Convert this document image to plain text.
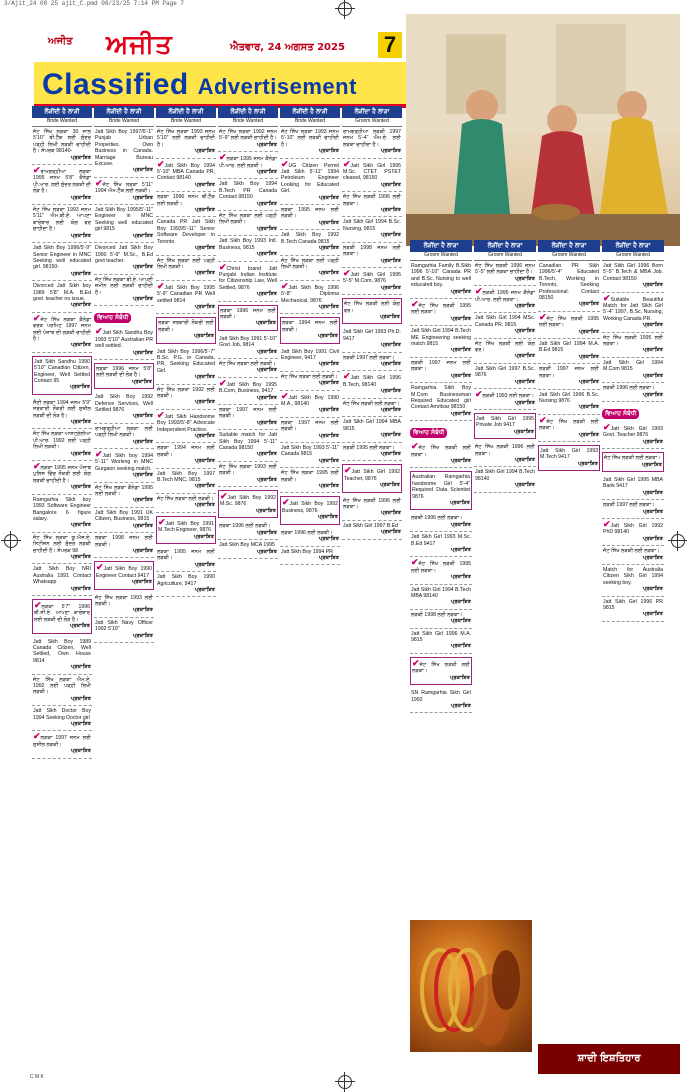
3/Ajit_24 08 25 ajit_C.pmd 08/23/25 7:14 PM Page 7
ਅਜੀਤ ਅਜੀਤ	ਐਤਵਾਰ, 24 ਅਗਸਤ 2025 7
Classified Advertisement
ਲੋੜੀਂਦੀ ਹੈ ਲਾੜੀ
Bride Wanted
ਜੱਟ ਸਿੱਖ ਲੜਕਾ 30 ਸਾਲ 5'10" ਬੀ.ਟੈੱਕ ਲਈ ਸੁੰਦਰ ਪੜ੍ਹੀ ਲਿਖੀ ਲੜਕੀ ਚਾਹੀਦੀ ਹੈ। ਸੰਪਰਕ 98140-
ਪ੍ਰਕਾਸ਼ਿਤ
✔ਰਾਮਗੜ੍ਹੀਆ ਲੜਕਾ 1995 ਜਨਮ 5'8" ਕੈਨੇਡਾ ਪੀ.ਆਰ. ਲਈ ਸੁੰਦਰ ਲੜਕੀ ਦੀ ਲੋੜ ਹੈ।
ਪ੍ਰਕਾਸ਼ਿਤ
ਜੱਟ ਸਿੱਖ ਲੜਕਾ 1993 ਜਨਮ 5'11" ਐਮ.ਬੀ.ਏ. ਆਪਣਾ ਕਾਰੋਬਾਰ ਲਈ ਯੋਗ ਵਰ ਚਾਹੀਦਾ ਹੈ।
ਪ੍ਰਕਾਸ਼ਿਤ
Jatt Sikh Boy 1996/5'-9" Senior Engineer in MNC Seeking well educated girl. 98150-
ਪ੍ਰਕਾਸ਼ਿਤ
Divorced Jatt Sikh boy 1989 5'8" M.A. B.Ed govt. teacher no issue.
ਪ੍ਰਕਾਸ਼ਿਤ
✔ਜੱਟ ਸਿੱਖ ਲੜਕਾ ਕੈਨੇਡਾ ਵਰਕ ਪਰਮਿਟ 1997 ਜਨਮ ਲਈ ਪੰਜਾਬ ਦੀ ਲੜਕੀ ਚਾਹੀਦੀ ਹੈ।
ਪ੍ਰਕਾਸ਼ਿਤ
Jatt Sikh Sandhu 1990 5'10" Canadian Citizen, Engineer, Well Settled Contact 95
ਪ੍ਰਕਾਸ਼ਿਤ
ਸੈਣੀ ਲੜਕਾ 1994 ਜਨਮ 5'9" ਸਰਕਾਰੀ ਨੌਕਰੀ ਲਈ ਸੁਸ਼ੀਲ ਲੜਕੀ ਦੀ ਲੋੜ ਹੈ।
ਪ੍ਰਕਾਸ਼ਿਤ
ਜੱਟ ਸਿੱਖ ਲੜਕਾ ਆਸਟ੍ਰੇਲੀਆ ਪੀ.ਆਰ. 1992 ਲਈ ਪੜ੍ਹੀ ਲਿਖੀ ਲੜਕੀ।
ਪ੍ਰਕਾਸ਼ਿਤ
✔ਲੜਕਾ 1995 ਜਨਮ ਪੰਜਾਬ ਪੁਲਿਸ ਵਿੱਚ ਨੌਕਰੀ ਲਈ ਯੋਗ ਲੜਕੀ ਚਾਹੀਦੀ ਹੈ।
ਪ੍ਰਕਾਸ਼ਿਤ
Ramgarhia Sikh boy 1993 Software Engineer Bangalore 6 figure salary.
ਪ੍ਰਕਾਸ਼ਿਤ
ਜੱਟ ਸਿੱਖ ਲੜਕਾ ਯੂ.ਐਸ.ਏ. ਸਿਟੀਜ਼ਨ ਲਈ ਸੁੰਦਰ ਲੜਕੀ ਚਾਹੀਦੀ ਹੈ। ਸੰਪਰਕ 98
ਪ੍ਰਕਾਸ਼ਿਤ
Jatt Sikh Boy NRI Australia 1991 Contact Whatsapp
ਪ੍ਰਕਾਸ਼ਿਤ
✔ਲੜਕਾ 5'7" 1996 ਬੀ.ਸੀ.ਏ. ਆਪਣਾ ਕਾਰੋਬਾਰ ਲਈ ਲੜਕੀ ਦੀ ਲੋੜ ਹੈ।
ਪ੍ਰਕਾਸ਼ਿਤ
Jatt Sikh Boy 1989 Canada Citizen, Well Settled, Own House 9814
ਪ੍ਰਕਾਸ਼ਿਤ
ਜੱਟ ਸਿੱਖ ਲੜਕਾ ਐਮ.ਏ. 1992 ਲਈ ਪੜ੍ਹੀ ਲਿਖੀ ਲੜਕੀ।
ਪ੍ਰਕਾਸ਼ਿਤ
Jatt Sikh Doctor Boy 1994 Seeking Doctor girl
ਪ੍ਰਕਾਸ਼ਿਤ
✔ਲੜਕਾ 1997 ਜਨਮ ਲਈ ਸੁਸ਼ੀਲ ਲੜਕੀ।
ਪ੍ਰਕਾਸ਼ਿਤ
ਲੋੜੀਂਦੀ ਹੈ ਲਾੜੀ
Bride Wanted
Jatt Sikh Boy 1997/6'-1" Punjab Urban Properties. Own Business in Canada. Marriage Bureau Excuse.
ਪ੍ਰਕਾਸ਼ਿਤ
✔ਜੱਟ ਸਿੱਖ ਲੜਕਾ 5'11" 1994 ਐਮ.ਟੈੱਕ ਲਈ ਲੜਕੀ।
ਪ੍ਰਕਾਸ਼ਿਤ
Jatt Sikh Boy 1995/5'-11" Engineer in MNC Seeking well educated girl 9815
ਪ੍ਰਕਾਸ਼ਿਤ
Divorced Jatt Sikh Boy 1990 5'-9" M.Sc., B.Ed govt teacher.
ਪ੍ਰਕਾਸ਼ਿਤ
ਜੱਟ ਸਿੱਖ ਲੜਕਾ ਬੀ.ਏ. ਆਪਣੀ ਜ਼ਮੀਨ ਲਈ ਲੜਕੀ ਚਾਹੀਦੀ ਹੈ।
ਪ੍ਰਕਾਸ਼ਿਤ
ਵਿਆਹ ਸੰਬੰਧੀ
✔Jatt Sikh Sandhu Boy 1993 5'10" Australian PR well settled.
ਪ੍ਰਕਾਸ਼ਿਤ
ਲੜਕਾ 1996 ਜਨਮ 5'8" ਲਈ ਲੜਕੀ ਦੀ ਲੋੜ ਹੈ।
ਪ੍ਰਕਾਸ਼ਿਤ
Jatt Sikh Boy 1992 Defence Services, Well Settled 9876
ਪ੍ਰਕਾਸ਼ਿਤ
ਰਾਮਗੜ੍ਹੀਆ ਲੜਕਾ ਲਈ ਪੜ੍ਹੀ ਲਿਖੀ ਲੜਕੀ।
ਪ੍ਰਕਾਸ਼ਿਤ
✔Jatt Sikh boy 1994 5'-11" Working in MNC Gurgaon seeking match.
ਪ੍ਰਕਾਸ਼ਿਤ
ਜੱਟ ਸਿੱਖ ਲੜਕਾ ਕੈਨੇਡਾ 1995 ਲਈ ਲੜਕੀ।
ਪ੍ਰਕਾਸ਼ਿਤ
Jatt Sikh Boy 1991 UK Citizen, Business, 9815
ਪ੍ਰਕਾਸ਼ਿਤ
ਲੜਕਾ 1998 ਜਨਮ ਲਈ ਲੜਕੀ।
ਪ੍ਰਕਾਸ਼ਿਤ
✔Jatt Sikh Boy 1990 Engineer Contact 9417
ਪ੍ਰਕਾਸ਼ਿਤ
ਜੱਟ ਸਿੱਖ ਲੜਕਾ 1993 ਲਈ ਲੜਕੀ।
ਪ੍ਰਕਾਸ਼ਿਤ
Jatt Sikh Navy Officer 1992 5'10"
ਪ੍ਰਕਾਸ਼ਿਤ
ਲੋੜੀਂਦੀ ਹੈ ਲਾੜੀ
Bride Wanted
ਜੱਟ ਸਿੱਖ ਲੜਕਾ 1993 ਜਨਮ 5'10" ਲਈ ਲੜਕੀ ਚਾਹੀਦੀ ਹੈ।
ਪ੍ਰਕਾਸ਼ਿਤ
✔Jatt Sikh Boy 1994 5'-10" MBA Canada PR, Contact 98140
ਪ੍ਰਕਾਸ਼ਿਤ
ਲੜਕਾ 1996 ਜਨਮ ਬੀ.ਟੈੱਕ ਲਈ ਲੜਕੀ।
ਪ੍ਰਕਾਸ਼ਿਤ
Canada PR Jatt Sikh Boy 1993/5'-11" Senior Software Developer in Toronto.
ਪ੍ਰਕਾਸ਼ਿਤ
ਜੱਟ ਸਿੱਖ ਲੜਕਾ ਲਈ ਪੜ੍ਹੀ ਲਿਖੀ ਲੜਕੀ।
ਪ੍ਰਕਾਸ਼ਿਤ
✔Jatt Sikh Boy 1995 5'-9" Canadian PR Well settled 9814
ਪ੍ਰਕਾਸ਼ਿਤ
ਲੜਕਾ ਸਰਕਾਰੀ ਨੌਕਰੀ ਲਈ ਲੜਕੀ।
ਪ੍ਰਕਾਸ਼ਿਤ
Jatt Sikh Boy 1996/5'-7" B.Sc. P.G. in Canada, PR, Seeking Educated Girl.
ਪ੍ਰਕਾਸ਼ਿਤ
ਜੱਟ ਸਿੱਖ ਲੜਕਾ 1992 ਲਈ ਲੜਕੀ।
ਪ੍ਰਕਾਸ਼ਿਤ
✔Jatt Sikh Handsome Boy 1993/5'-8" Advocate Independent Practice.
ਪ੍ਰਕਾਸ਼ਿਤ
ਲੜਕਾ 1994 ਜਨਮ ਲਈ ਲੜਕੀ।
ਪ੍ਰਕਾਸ਼ਿਤ
Jatt Sikh Boy 1997 B.Tech MNC, 9815
ਪ੍ਰਕਾਸ਼ਿਤ
ਜੱਟ ਸਿੱਖ ਲੜਕਾ ਲਈ ਲੜਕੀ।
ਪ੍ਰਕਾਸ਼ਿਤ
✔Jatt Sikh Boy 1991 M.Tech Engineer, 9876
ਪ੍ਰਕਾਸ਼ਿਤ
ਲੜਕਾ 1995 ਜਨਮ ਲਈ ਲੜਕੀ।
ਪ੍ਰਕਾਸ਼ਿਤ
Jatt Sikh Boy 1990 Agriculture, 9417
ਪ੍ਰਕਾਸ਼ਿਤ
ਲੋੜੀਂਦੀ ਹੈ ਲਾੜੀ
Bride Wanted
ਜੱਟ ਸਿੱਖ ਲੜਕਾ 1992 ਜਨਮ 5'-9" ਲਈ ਲੜਕੀ ਚਾਹੀਦੀ ਹੈ।
ਪ੍ਰਕਾਸ਼ਿਤ
✔ਲੜਕਾ 1995 ਜਨਮ ਕੈਨੇਡਾ ਪੀ.ਆਰ. ਲਈ ਲੜਕੀ।
ਪ੍ਰਕਾਸ਼ਿਤ
Jatt Sikh Boy 1994 B.Tech PR Canada Contact 98150
ਪ੍ਰਕਾਸ਼ਿਤ
ਜੱਟ ਸਿੱਖ ਲੜਕਾ ਲਈ ਪੜ੍ਹੀ ਲਿਖੀ ਲੜਕੀ।
ਪ੍ਰਕਾਸ਼ਿਤ
Jatt Sikh Boy 1993 Intl. Business, 9815
ਪ੍ਰਕਾਸ਼ਿਤ
✔Christ brand Jatt Punjabi Indian Institute for Citizenship Law, Well Settled, 9876
ਪ੍ਰਕਾਸ਼ਿਤ
ਲੜਕਾ 1996 ਜਨਮ ਲਈ ਲੜਕੀ।
ਪ੍ਰਕਾਸ਼ਿਤ
Jatt Sikh Boy 1991 5'-10" Govt Job, 9814
ਪ੍ਰਕਾਸ਼ਿਤ
ਜੱਟ ਸਿੱਖ ਲੜਕਾ ਲਈ ਲੜਕੀ।
ਪ੍ਰਕਾਸ਼ਿਤ
✔Jatt Sikh Boy 1995 B.Com, Business, 9417
ਪ੍ਰਕਾਸ਼ਿਤ
ਲੜਕਾ 1997 ਜਨਮ ਲਈ ਲੜਕੀ।
ਪ੍ਰਕਾਸ਼ਿਤ
Suitable match for Jatt Sikh Boy 1994 5'-11" Canada 98150
ਪ੍ਰਕਾਸ਼ਿਤ
ਜੱਟ ਸਿੱਖ ਲੜਕਾ 1993 ਲਈ ਲੜਕੀ।
ਪ੍ਰਕਾਸ਼ਿਤ
✔Jatt Sikh Boy 1992 M.Sc. 9876
ਪ੍ਰਕਾਸ਼ਿਤ
ਲੜਕਾ 1996 ਲਈ ਲੜਕੀ।
ਪ੍ਰਕਾਸ਼ਿਤ
Jatt Sikh Boy MCA 1995
ਪ੍ਰਕਾਸ਼ਿਤ
ਲੋੜੀਂਦੀ ਹੈ ਲਾੜੀ
Bride Wanted
ਜੱਟ ਸਿੱਖ ਲੜਕਾ 1993 ਜਨਮ 5'-10" ਲਈ ਲੜਕੀ ਚਾਹੀਦੀ ਹੈ।
ਪ੍ਰਕਾਸ਼ਿਤ
✔UG Citizen Permit Jatt Sikh 5'-11" 1994 Petroleum Engineer Looking for Educated Girl.
ਪ੍ਰਕਾਸ਼ਿਤ
ਲੜਕਾ 1995 ਜਨਮ ਲਈ ਲੜਕੀ।
ਪ੍ਰਕਾਸ਼ਿਤ
Jatt Sikh Boy 1992 B.Tech Canada 9815
ਪ੍ਰਕਾਸ਼ਿਤ
ਜੱਟ ਸਿੱਖ ਲੜਕਾ ਲਈ ਪੜ੍ਹੀ ਲਿਖੀ ਲੜਕੀ।
ਪ੍ਰਕਾਸ਼ਿਤ
✔Jatt Sikh Boy 1996 5'-8" Diploma Mechanical, 9876
ਪ੍ਰਕਾਸ਼ਿਤ
ਲੜਕਾ 1994 ਜਨਮ ਲਈ ਲੜਕੀ।
ਪ੍ਰਕਾਸ਼ਿਤ
Jatt Sikh Boy 1991 Civil Engineer, 9417
ਪ੍ਰਕਾਸ਼ਿਤ
ਜੱਟ ਸਿੱਖ ਲੜਕਾ ਲਈ ਲੜਕੀ।
ਪ੍ਰਕਾਸ਼ਿਤ
✔Jatt Sikh Boy 1990 M.A., 98140
ਪ੍ਰਕਾਸ਼ਿਤ
ਲੜਕਾ 1997 ਜਨਮ ਲਈ ਲੜਕੀ।
ਪ੍ਰਕਾਸ਼ਿਤ
Jatt Sikh Boy 1993 5'-11" Canada 9815
ਪ੍ਰਕਾਸ਼ਿਤ
ਜੱਟ ਸਿੱਖ ਲੜਕਾ 1995 ਲਈ ਲੜਕੀ।
ਪ੍ਰਕਾਸ਼ਿਤ
✔Jatt Sikh Boy 1992 Business, 9876
ਪ੍ਰਕਾਸ਼ਿਤ
ਲੜਕਾ 1996 ਲਈ ਲੜਕੀ।
ਪ੍ਰਕਾਸ਼ਿਤ
Jatt Sikh Boy 1994 PR
ਪ੍ਰਕਾਸ਼ਿਤ
ਲੋੜੀਂਦਾ ਹੈ ਲਾੜਾ
Groom Wanted
ਰਾਮਗੜ੍ਹੀਆ ਲੜਕੀ 1997 ਜਨਮ 5'-4" ਐਮ.ਏ. ਲਈ ਲੜਕਾ ਚਾਹੀਦਾ ਹੈ।
ਪ੍ਰਕਾਸ਼ਿਤ
✔Jatt Sikh Girl 1995 M.Sc. CTET PSTET cleared, 98150
ਪ੍ਰਕਾਸ਼ਿਤ
ਜੱਟ ਸਿੱਖ ਲੜਕੀ 1996 ਲਈ ਲੜਕਾ।
ਪ੍ਰਕਾਸ਼ਿਤ
Jatt Sikh Girl 1994 B.Sc. Nursing, 9815
ਪ੍ਰਕਾਸ਼ਿਤ
ਲੜਕੀ 1998 ਜਨਮ ਲਈ ਲੜਕਾ।
ਪ੍ਰਕਾਸ਼ਿਤ
✔Jatt Sikh Girl 1995 5'-5" M.Com, 9876
ਪ੍ਰਕਾਸ਼ਿਤ
ਜੱਟ ਸਿੱਖ ਲੜਕੀ ਲਈ ਯੋਗ ਵਰ।
ਪ੍ਰਕਾਸ਼ਿਤ
Jatt Sikh Girl 1993 Ph.D. 9417
ਪ੍ਰਕਾਸ਼ਿਤ
ਲੜਕੀ 1997 ਲਈ ਲੜਕਾ।
ਪ੍ਰਕਾਸ਼ਿਤ
✔Jatt Sikh Girl 1996 B.Tech, 98140
ਪ੍ਰਕਾਸ਼ਿਤ
ਜੱਟ ਸਿੱਖ ਲੜਕੀ ਲਈ ਲੜਕਾ।
ਪ੍ਰਕਾਸ਼ਿਤ
Jatt Sikh Girl 1994 MBA 9815
ਪ੍ਰਕਾਸ਼ਿਤ
ਲੜਕੀ 1995 ਲਈ ਲੜਕਾ।
ਪ੍ਰਕਾਸ਼ਿਤ
✔Jatt Sikh Girl 1992 Teacher, 9876
ਪ੍ਰਕਾਸ਼ਿਤ
ਜੱਟ ਸਿੱਖ ਲੜਕੀ 1996 ਲਈ ਲੜਕਾ।
ਪ੍ਰਕਾਸ਼ਿਤ
Jatt Sikh Girl 1997 B.Ed
ਪ੍ਰਕਾਸ਼ਿਤ
ਲੋੜੀਂਦਾ ਹੈ ਲਾੜਾ
Groom Wanted
Ramgarhia Family B.Sikh 1996 5'-10" Canada PR and B.Sc. Nursing to well educated boy.
ਪ੍ਰਕਾਸ਼ਿਤ
✔ਜੱਟ ਸਿੱਖ ਲੜਕੀ 1995 ਲਈ ਲੜਕਾ।
ਪ੍ਰਕਾਸ਼ਿਤ
Jatt Sikh Girl 1994 B.Tech ME Engineering seeking match 9815
ਪ੍ਰਕਾਸ਼ਿਤ
ਲੜਕੀ 1997 ਜਨਮ ਲਈ ਲੜਕਾ।
ਪ੍ਰਕਾਸ਼ਿਤ
Ramgarhia Sikh Boy M.Com Businessman Required Educated girl Contact Amritsar 98150
ਪ੍ਰਕਾਸ਼ਿਤ
ਵਿਆਹ ਸੰਬੰਧੀ
✔ਜੱਟ ਸਿੱਖ ਲੜਕੀ ਲਈ ਲੜਕਾ।
ਪ੍ਰਕਾਸ਼ਿਤ
Australian Ramgarhia handsome Girl 5'-4" Required Data Scientist 9876
ਪ੍ਰਕਾਸ਼ਿਤ
ਲੜਕੀ 1996 ਲਈ ਲੜਕਾ।
ਪ੍ਰਕਾਸ਼ਿਤ
Jatt Sikh Girl 1993 M.Sc. B.Ed 9417
ਪ੍ਰਕਾਸ਼ਿਤ
✔ਜੱਟ ਸਿੱਖ ਲੜਕੀ 1995 ਲਈ ਲੜਕਾ।
ਪ੍ਰਕਾਸ਼ਿਤ
Jatt Sikh Girl 1994 B.Tech MBA 98140
ਪ੍ਰਕਾਸ਼ਿਤ
ਲੜਕੀ 1998 ਲਈ ਲੜਕਾ।
ਪ੍ਰਕਾਸ਼ਿਤ
Jatt Sikh Girl 1996 M.A. 9815
ਪ੍ਰਕਾਸ਼ਿਤ
✔ਜੱਟ ਸਿੱਖ ਲੜਕੀ ਲਈ ਲੜਕਾ।
ਪ੍ਰਕਾਸ਼ਿਤ
SN Ramgarhia Sikh Girl 1992
ਪ੍ਰਕਾਸ਼ਿਤ
ਲੋੜੀਂਦਾ ਹੈ ਲਾੜਾ
Groom Wanted
ਜੱਟ ਸਿੱਖ ਲੜਕੀ 1996 ਜਨਮ 5'-5" ਲਈ ਲੜਕਾ ਚਾਹੀਦਾ ਹੈ।
ਪ੍ਰਕਾਸ਼ਿਤ
✔ਲੜਕੀ 1995 ਜਨਮ ਕੈਨੇਡਾ ਪੀ.ਆਰ. ਲਈ ਲੜਕਾ।
ਪ੍ਰਕਾਸ਼ਿਤ
Jatt Sikh Girl 1994 MSc. Canada PR, 9815
ਪ੍ਰਕਾਸ਼ਿਤ
ਜੱਟ ਸਿੱਖ ਲੜਕੀ ਲਈ ਯੋਗ ਵਰ।
ਪ੍ਰਕਾਸ਼ਿਤ
Jatt Sikh Girl 1997 B.Sc. 9876
ਪ੍ਰਕਾਸ਼ਿਤ
✔ਲੜਕੀ 1993 ਲਈ ਲੜਕਾ।
ਪ੍ਰਕਾਸ਼ਿਤ
Jatt Sikh Girl 1995 Private Job 9417
ਪ੍ਰਕਾਸ਼ਿਤ
ਜੱਟ ਸਿੱਖ ਲੜਕੀ 1996 ਲਈ ਲੜਕਾ।
ਪ੍ਰਕਾਸ਼ਿਤ
Jatt Sikh Girl 1994 B.Tech 98140
ਪ੍ਰਕਾਸ਼ਿਤ
ਲੋੜੀਂਦਾ ਹੈ ਲਾੜਾ
Groom Wanted
Canadian PR Sikh 1996/5'-4" Educated B.Tech, Working in Toronto, Seeking Professional. Contact 98150
ਪ੍ਰਕਾਸ਼ਿਤ
✔ਜੱਟ ਸਿੱਖ ਲੜਕੀ 1995 ਲਈ ਲੜਕਾ।
ਪ੍ਰਕਾਸ਼ਿਤ
Jatt Sikh Girl 1994 M.A. B.Ed 9815
ਪ੍ਰਕਾਸ਼ਿਤ
ਲੜਕੀ 1997 ਜਨਮ ਲਈ ਲੜਕਾ।
ਪ੍ਰਕਾਸ਼ਿਤ
Jatt Sikh Girl 1996 B.Sc. Nursing 9876
ਪ੍ਰਕਾਸ਼ਿਤ
✔ਜੱਟ ਸਿੱਖ ਲੜਕੀ ਲਈ ਲੜਕਾ।
ਪ੍ਰਕਾਸ਼ਿਤ
Jatt Sikh Girl 1993 M.Tech 9417
ਪ੍ਰਕਾਸ਼ਿਤ
ਲੋੜੀਂਦਾ ਹੈ ਲਾੜਾ
Groom Wanted
Jatt Sikh Girl 1996 Born 5'-5" B.Tech & MBA Job. Contact 98150
ਪ੍ਰਕਾਸ਼ਿਤ
✔Suitable Beautiful Match for Jatt Sikh Girl 5'-4" 1997, B.Sc. Nursing, Working Canada PR.
ਪ੍ਰਕਾਸ਼ਿਤ
ਜੱਟ ਸਿੱਖ ਲੜਕੀ 1995 ਲਈ ਲੜਕਾ।
ਪ੍ਰਕਾਸ਼ਿਤ
Jatt Sikh Girl 1994 M.Com 9815
ਪ੍ਰਕਾਸ਼ਿਤ
ਲੜਕੀ 1996 ਲਈ ਲੜਕਾ।
ਪ੍ਰਕਾਸ਼ਿਤ
ਵਿਆਹ ਸੰਬੰਧੀ
✔Jatt Sikh Girl 1993 Govt. Teacher 9876
ਪ੍ਰਕਾਸ਼ਿਤ
ਜੱਟ ਸਿੱਖ ਲੜਕੀ ਲਈ ਲੜਕਾ।
ਪ੍ਰਕਾਸ਼ਿਤ
Jatt Sikh Girl 1995 MBA Bank 9417
ਪ੍ਰਕਾਸ਼ਿਤ
ਲੜਕੀ 1997 ਲਈ ਲੜਕਾ।
ਪ੍ਰਕਾਸ਼ਿਤ
✔Jatt Sikh Girl 1992 PhD 98140
ਪ੍ਰਕਾਸ਼ਿਤ
ਜੱਟ ਸਿੱਖ ਲੜਕੀ ਲਈ ਲੜਕਾ।
ਪ੍ਰਕਾਸ਼ਿਤ
Match for Australia Citizen Sikh Girl 1994 seeking boy.
ਪ੍ਰਕਾਸ਼ਿਤ
Jatt Sikh Girl 1996 PR 9815
ਪ੍ਰਕਾਸ਼ਿਤ
ਸ਼ਾਦੀ ਇਸ਼ਤਿਹਾਰ
C M K
